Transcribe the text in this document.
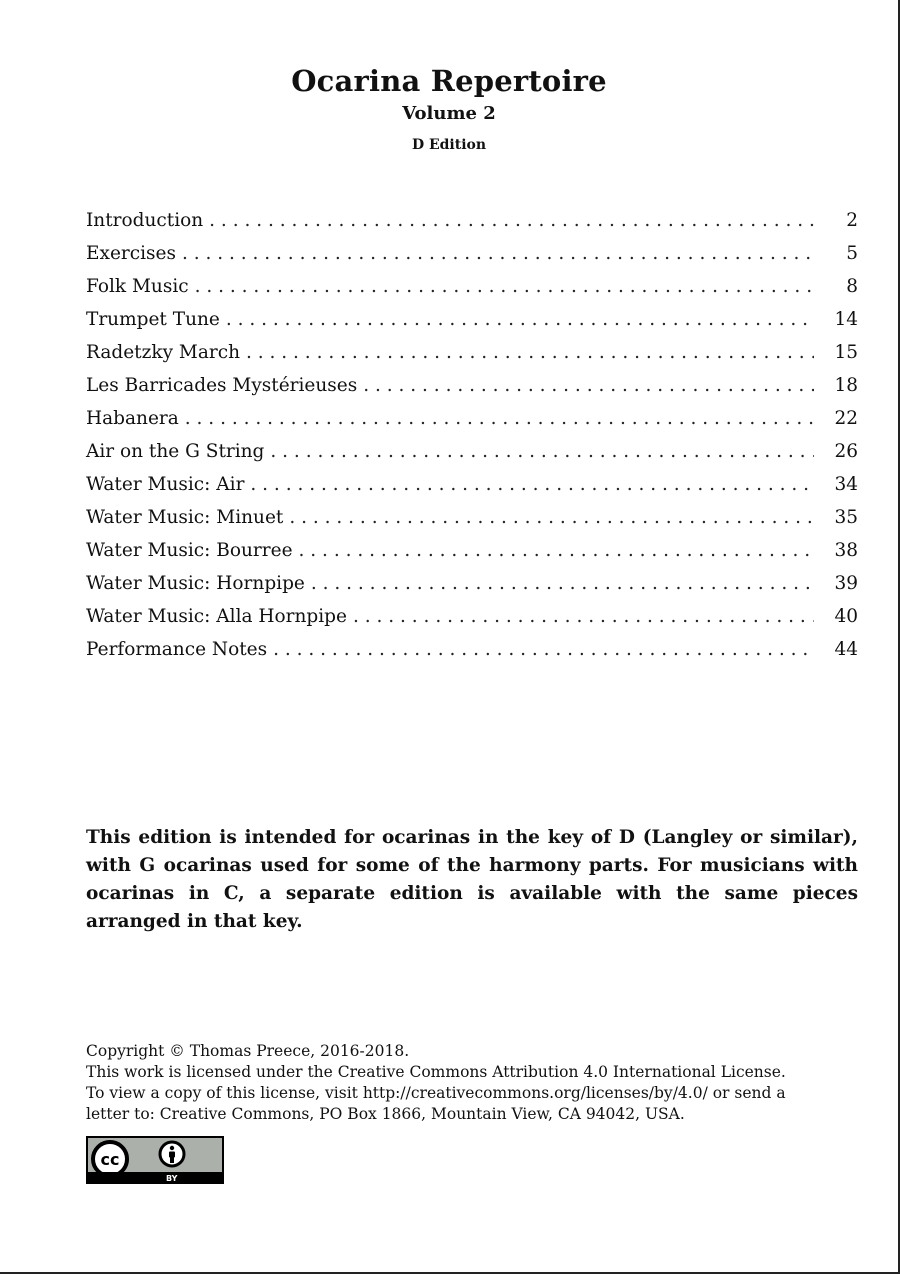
Ocarina Repertoire
Volume 2
D Edition
Introduction . . .	2
Exercises . . .	5
Folk Music . . .	8
Trumpet Tune . . .	14
Radetzky March . . .	15
Les Barricades Mystérieuses . . .	18
Habanera . . .	22
Air on the G String . . .	26
Water Music: Air . . .	34
Water Music: Minuet . . .	35
Water Music: Bourree . . .	38
Water Music: Hornpipe . . .	39
Water Music: Alla Hornpipe . . .	40
Performance Notes . . .	44

This edition is intended for ocarinas in the key of D (Langley or similar), with G ocarinas used for some of the harmony parts. For musicians with ocarinas in C, a separate edition is available with the same pieces arranged in that key.

Copyright © Thomas Preece, 2016-2018.
This work is licensed under the Creative Commons Attribution 4.0 International License.
To view a copy of this license, visit http://creativecommons.org/licenses/by/4.0/ or send a
letter to: Creative Commons, PO Box 1866, Mountain View, CA 94042, USA.
cc
BY
